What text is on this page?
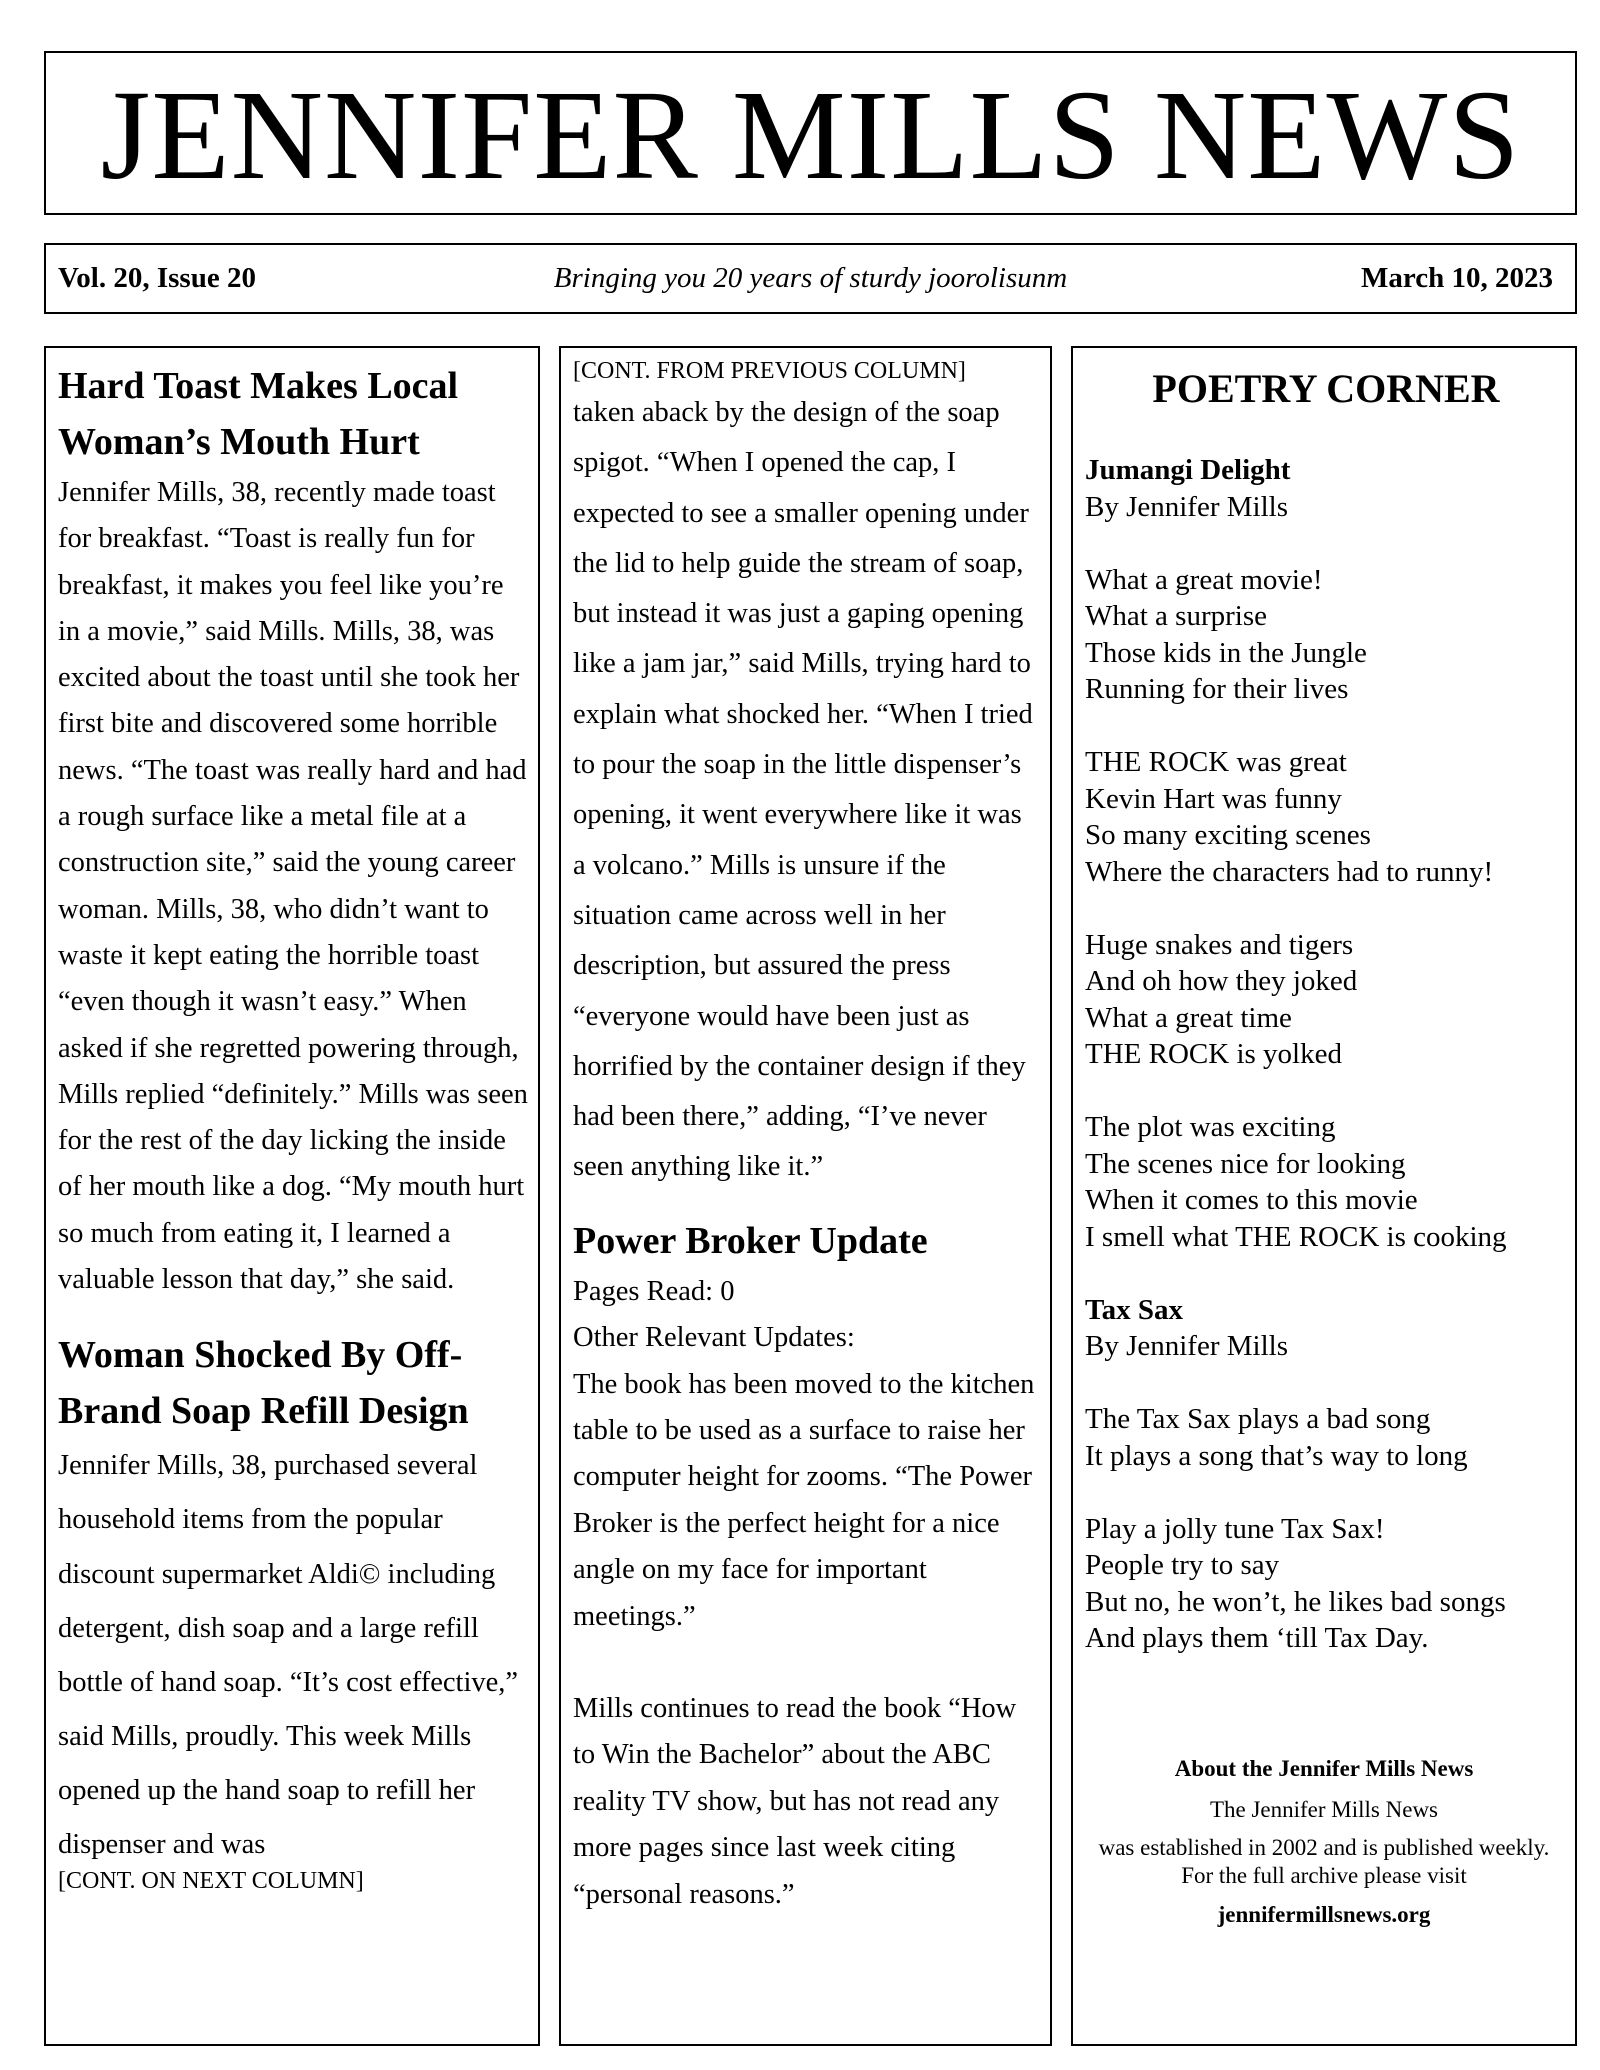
JENNIFER MILLS NEWS
Bringing you 20 years of sturdy joorolisunm
Vol. 20, Issue 20	March 10, 2023
Hard Toast Makes Local Woman’s Mouth Hurt

Jennifer Mills, 38, recently made toast for breakfast. “Toast is really fun for breakfast, it makes you feel like you’re in a movie,” said Mills. Mills, 38, was excited about the toast until she took her first bite and discovered some horrible news. “The toast was really hard and had a rough surface like a metal file at a construction site,” said the young career woman. Mills, 38, who didn’t want to waste it kept eating the horrible toast “even though it wasn’t easy.” When asked if she regretted powering through, Mills replied “definitely.” Mills was seen for the rest of the day licking the inside of her mouth like a dog. “My mouth hurt so much from eating it, I learned a valuable lesson that day,” she said.

Woman Shocked By Off-Brand Soap Refill Design

Jennifer Mills, 38, purchased several household items from the popular discount supermarket Aldi© including detergent, dish soap and a large refill bottle of hand soap. “It’s cost effective,” said Mills, proudly. This week Mills opened up the hand soap to refill her dispenser and was

[CONT. ON NEXT COLUMN]

[CONT. FROM PREVIOUS COLUMN]

taken aback by the design of the soap spigot. “When I opened the cap, I expected to see a smaller opening under the lid to help guide the stream of soap, but instead it was just a gaping opening like a jam jar,” said Mills, trying hard to explain what shocked her. “When I tried to pour the soap in the little dispenser’s opening, it went everywhere like it was a volcano.” Mills is unsure if the situation came across well in her description, but assured the press “everyone would have been just as horrified by the container design if they had been there,” adding, “I’ve never seen anything like it.”

Power Broker Update

Pages Read: 0

Other Relevant Updates:

The book has been moved to the kitchen table to be used as a surface to raise her computer height for zooms. “The Power Broker is the perfect height for a nice angle on my face for important meetings.”

Mills continues to read the book “How to Win the Bachelor” about the ABC reality TV show, but has not read any more pages since last week citing “personal reasons.”

POETRY CORNER
Jumangi Delight
By Jennifer Mills
What a great movie!
What a surprise
Those kids in the Jungle
Running for their lives
THE ROCK was great
Kevin Hart was funny
So many exciting scenes
Where the characters had to runny!
Huge snakes and tigers
And oh how they joked
What a great time
THE ROCK is yolked
The plot was exciting
The scenes nice for looking
When it comes to this movie
I smell what THE ROCK is cooking
Tax Sax
By Jennifer Mills
The Tax Sax plays a bad song
It plays a song that’s way to long
Play a jolly tune Tax Sax!
People try to say
But no, he won’t, he likes bad songs
And plays them ‘till Tax Day.
About the Jennifer Mills News
The Jennifer Mills News
was established in 2002 and is published weekly. For the full archive please visit
jennifermillsnews.org
